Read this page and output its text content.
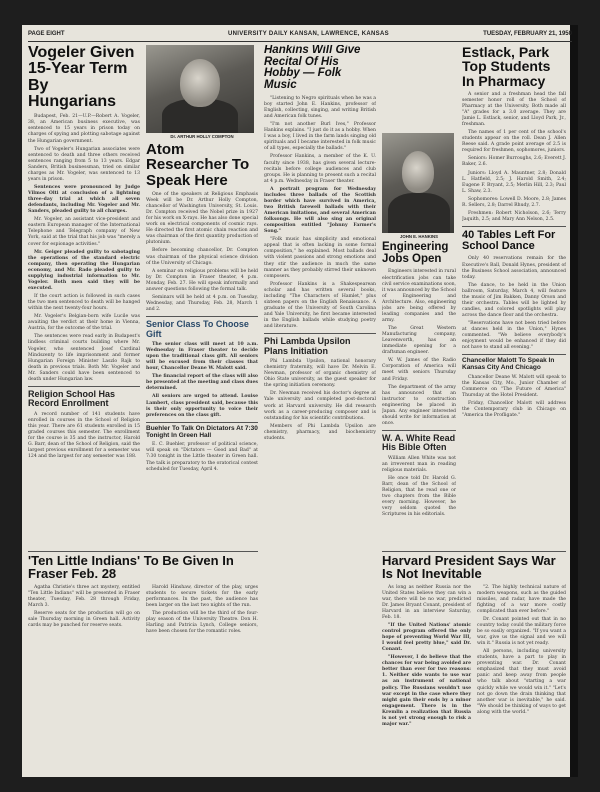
PAGE EIGHT	UNIVERSITY DAILY KANSAN, LAWRENCE, KANSAS	TUESDAY, FEBRUARY 21, 1950
Vogeler Given 15-Year Term By Hungarians

Budapest, Feb. 21—U.P.—Robert A. Vogeler, 38, an American business executive, was sentenced to 15 years in prison today on charges of spying and plotting sabotage against the Hungarian government.

Two of Vogeler's Hungarian associates were sentenced to death and three others received sentences ranging from 5 to 13 years. Edgar Sanders, British businessman, tried on similar charges as Mr. Vogeler, was sentenced to 13 years in prison.

Sentences were pronounced by Judge Vilmos Olti at conclusion of a lightning three-day trial at which all seven defendants, including Mr. Vogeler and Mr. Sanders, pleaded guilty to all charges.

Mr. Vogeler, an assistant vice-president and eastern European manager of the International Telephone and Telegraph company of New York, said at the trial that his job was "merely a cover for espionage activities."

Mr. Geiger pleaded guilty to sabotaging the operations of the standard electric company, then operating the Hungarian economy, and Mr. Rado pleaded guilty to supplying industrial information to Mr. Vogeler. Both men said they will be executed.

If the court action is followed in such cases the two men sentenced to death will be hanged within the next twenty-four hours.

Mr. Vogeler's Belgian-born wife Lucile was awaiting the verdict at their home in Vienna, Austria, for the outcome of the trial.

The sentences were read early in Budapest's lindless criminal courts building where Mr. Vogeler, who sentenced Josef Cardinal Mindszenty to life imprisonment and former Hungarian Foreign Minister Laszlo Rajk to death in previous trials. Both Mr. Vogeler and Mr. Sanders could have been sentenced to death under Hungarian law.

Religion School Has Record Enrollment

A record number of 141 students have enrolled in courses in the School of Religion this year. There are 61 students enrolled in 15 graded courses this semester. The enrollment for the course is 35 and the instructor, Harold G. Barr, dean of the School of Religion, said the largest previous enrollment for a semester was 124 and the largest for any semester was 188.

Dr. ARTHUR HOLLY COMPTON
Atom Researcher To Speak Here

One of the speakers at Religious Emphasis Week will be Dr. Arthur Holly Compton, chancellor of Washington University, St. Louis. Dr. Compton received the Nobel prize in 1927 for his work on X-rays. He has also done special work on electrical components of cosmic rays. He directed the first atomic chain reaction and was chairman of the first quantity production of plutonium.

Before becoming chancellor, Dr. Compton was chairman of the physical science division of the University of Chicago.

A seminar on religious problems will be held by Dr. Compton in Fraser theater, 4 p.m. Monday, Feb. 27. He will speak informally and answer questions following the formal talk.

Seminars will be held at 4 p.m. on Tuesday, Wednesday, and Thursday, Feb. 28, March 1 and 2.

Senior Class To Choose Gift

The senior class will meet at 10 a.m. Wednesday in Fraser theater to decide upon the traditional class gift. All seniors will be excused from their classes that hour, Chancellor Deane W. Malott said.

The financial report of the class will also be presented at the meeting and class dues determined.

All seniors are urged to attend. Louise Lambert, class president said, because this is their only opportunity to voice their preferences on the class gift.

Buehler To Talk On Dictators At 7:30 Tonight In Green Hall

E. C. Buehler, professor of political science, will speak on "Dictators — Good and Bad" at 7:30 tonight in the Little theater in Green hall. The talk is preparatory to the oratorical contest scheduled for Tuesday, April 4.

Hankins Will Give Recital Of His Hobby — Folk Music

"Listening to Negro spirituals when he was a boy started John E. Hankins, professor of English, collecting, singing, and writing British and American folk tunes.

"I'm not another Burl Ives," Professor Hankins explains. "I just do it as a hobby. When I was a boy, I lived in the farm lands singing old spirituals and I became interested in folk music of all types, especially the ballads."

Professor Hankins, a member of the K. U. faculty since 1938, has given several lecture-recitals before college audiences and club groups. He is planning to present such a recital at 4 p.m. Wednesday in Fraser theater.

A portrait program for Wednesday includes three ballads of the Scottish border which have survived in America, two British farewell ballads with their American imitations, and several American folksongs. He will also sing an original composition entitled "Johnny Farmer's Song."

"Folk music has simplicity and emotional appeal that is often lacking in some formal composition," he explained. Most ballads deal with violent passions and strong emotions and they stir the audience in much the same manner as they probably stirred their unknown composers.

Professor Hankins is a Shakespearean scholar and has written several books, including "The Characters of Hamlet," plus sixteen papers on the English Renaissance. A graduate of the University of South Carolina and Yale University, he first became interested in the English ballads while studying poetry and literature.

Phi Lambda Upsilon Plans Initiation

Phi Lambda Upsilon, national honorary chemistry fraternity, will have Dr. Melvin E. Newman, professor of organic chemistry of Ohio State university, as the guest speaker for the spring initiation ceremony.

Dr. Newman received his doctor's degree at Yale university and completed post-doctoral work at Harvard university. He did research work as a career-producing composer and is outstanding for his scientific contributions.

Members of Phi Lambda Upsilon are chemistry, pharmacy, and biochemistry students.

JOHN E. HANKINS
Engineering Jobs Open

Engineers interested in rural electrification jobs can take civil service examinations soon, it was announced by the School of Engineering and Architecture. Also, engineering jobs are being offered by leading companies and the army.

The Great Western Manufacturing company, Leavenworth, has an immediate opening for a draftsman engineer.

W. W. James of the Radio Corporation of America will meet with seniors Thursday and Friday.

The department of the army has announced that an instructor to construction engineering be placed in Japan. Any engineer interested should write for information at once.

W. A. White Read His Bible Often

William Allen White was not an irreverent man in reading religious materials.

He once told Dr. Harold G. Barr, dean of the School of Religion, that he read one or two chapters from the Bible every morning. However, he very seldom quoted the Scriptures in his editorials.

Estlack, Park Top Students In Pharmacy

A senior and a freshman head the fall semester honor roll of the School of Pharmacy at the University. Both made all "A" grades for a 3.0 average. They are Jamie L. Estlack, senior, and Lloyd Park, Jr., freshman.

The names of 1 per cent of the school's students appear on the roll. Dean J. Allen Reese said. A grade point average of 2.5 is required for freshmen, sophomores, juniors.

Seniors: Homer Burroughs, 2.6; Everett J. Baker, 2.6.

Juniors: Lloyd A. Mauntner, 2.8; Donald L. Hatfield, 2.5; J. Harold Smith, 2.4; Eugene F. Bryant, 2.5; Merlin Hill, 2.3; Paul L. Shaw, 2.3.

Sophomores: Lowell D. Moore, 2.8; James R. Sellers, 2.8; Darrel Rhudy, 2.7.

Freshmen: Robert Nicholson, 2.6; Terry Jaquith, 2.5; and Mary Ann Nelson, 2.5.

40 Tables Left For School Dance

Only 40 reservations remain for the Executive's Ball, Donald Hynes, president of the Business School association, announced today.

The dance, to be held in the Union ballroom, Saturday, March 4, will feature the music of Jim Bakken, Danny Orson and their orchestra. Tables will be lighted by candles, and colored spotlights will play across the dance floor and the orchestra.

"Reservations have not been tried before at dances held in the Union," Hynes commented. "We believe everybody's enjoyment would be enhanced if they did not have to stand all evening."

Chancellor Malott To Speak In Kansas City And Chicago

Chancellor Deane W. Malott will speak to the Kansas City, Mo., Junior Chamber of Commerce on "The Future of America" Thursday at the Hotel President.

Friday, Chancellor Malott will address the Contemporary club in Chicago on "America the Profligate."

'Ten Little Indians' To Be Given In Fraser Feb. 28

Agatha Christie's three act mystery, entitled "Ten Little Indians" will be presented in Fraser theater, Tuesday, Feb. 28 through Friday, March 3.

Reserve seats for the production will go on sale Thursday morning in Green hall. Activity cards may be punched for reserve seats.

Harold Hinshaw, director of the play, urges students to secure tickets for the early performances. In the past, the audience has been larger on the last two nights of the run.

The production will be the third of the four-play season of the University Theatre. Don H. Harling and Patricia Lynch, College seniors, have been chosen for the romantic roles.

Harvard President Says War Is Not Inevitable

As long as neither Russia nor the United States believe they can win a war, there will be no war, predicted Dr. James Bryant Conant, president of Harvard in an interview Saturday, Feb. 18.

"If the United Nations' atomic control program offered the only hope of preventing World War III, I would feel pretty blue," said Dr. Conant.

"However, I do believe that the chances for war being avoided are better than ever for two reasons: 1. Neither side wants to use war as an instrument of national policy. The Russians wouldn't use war except in the case where they might gain their ends by a minor engagement. There is in the Kremlin a realization that Russia is not yet strong enough to risk a major war."

"2. The highly technical nature of modern weapons, such as the guided missiles, and radar, have made the fighting of a war more costly complicated than ever before."

Dr. Conant pointed out that in no country today could the military force be so easily organized. "If you want a war, give us the signal and we will win it." Russia is not yet ready.

All persons, including university students, have a part to play in preventing war. Dr. Conant emphasized that they must avoid panic and keep away from people who talk about "starting a war quickly while we would win it." "Let's not go down the drain thinking that another war is inevitable," he said. "We should be thinking of ways to get along with the world."
